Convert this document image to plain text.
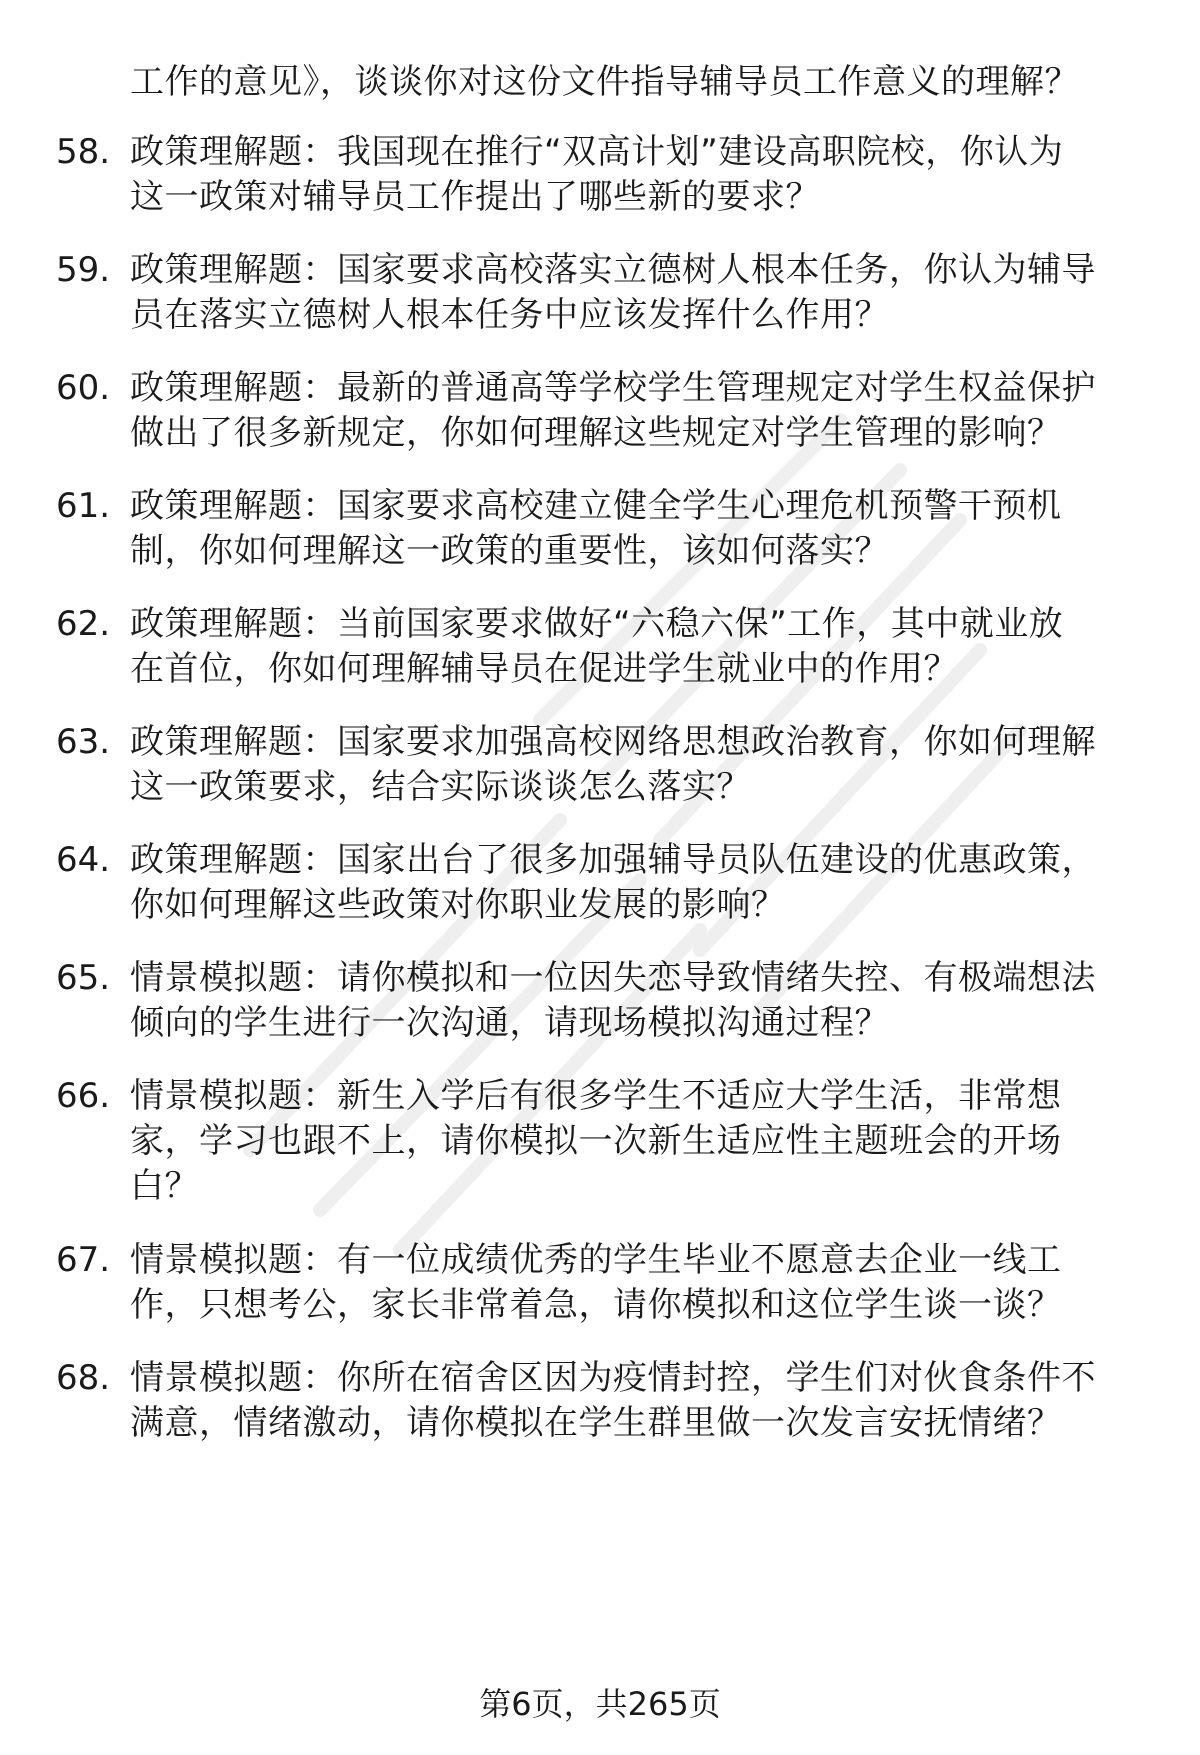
工作的意见》，谈谈你对这份文件指导辅导员工作意义的理解？
58. 政策理解题：我国现在推行“双高计划”建设高职院校，你认为
这一政策对辅导员工作提出了哪些新的要求？
59. 政策理解题：国家要求高校落实立德树人根本任务，你认为辅导
员在落实立德树人根本任务中应该发挥什么作用？
60. 政策理解题：最新的普通高等学校学生管理规定对学生权益保护
做出了很多新规定，你如何理解这些规定对学生管理的影响？
61. 政策理解题：国家要求高校建立健全学生心理危机预警干预机
制，你如何理解这一政策的重要性，该如何落实？
62. 政策理解题：当前国家要求做好“六稳六保”工作，其中就业放
在首位，你如何理解辅导员在促进学生就业中的作用？
63. 政策理解题：国家要求加强高校网络思想政治教育，你如何理解
这一政策要求，结合实际谈谈怎么落实？
64. 政策理解题：国家出台了很多加强辅导员队伍建设的优惠政策，
你如何理解这些政策对你职业发展的影响？
65. 情景模拟题：请你模拟和一位因失恋导致情绪失控、有极端想法
倾向的学生进行一次沟通，请现场模拟沟通过程？
66. 情景模拟题：新生入学后有很多学生不适应大学生活，非常想
家，学习也跟不上，请你模拟一次新生适应性主题班会的开场
白？
67. 情景模拟题：有一位成绩优秀的学生毕业不愿意去企业一线工
作，只想考公，家长非常着急，请你模拟和这位学生谈一谈？
68. 情景模拟题：你所在宿舍区因为疫情封控，学生们对伙食条件不
满意，情绪激动，请你模拟在学生群里做一次发言安抚情绪？
第6页，共265页
